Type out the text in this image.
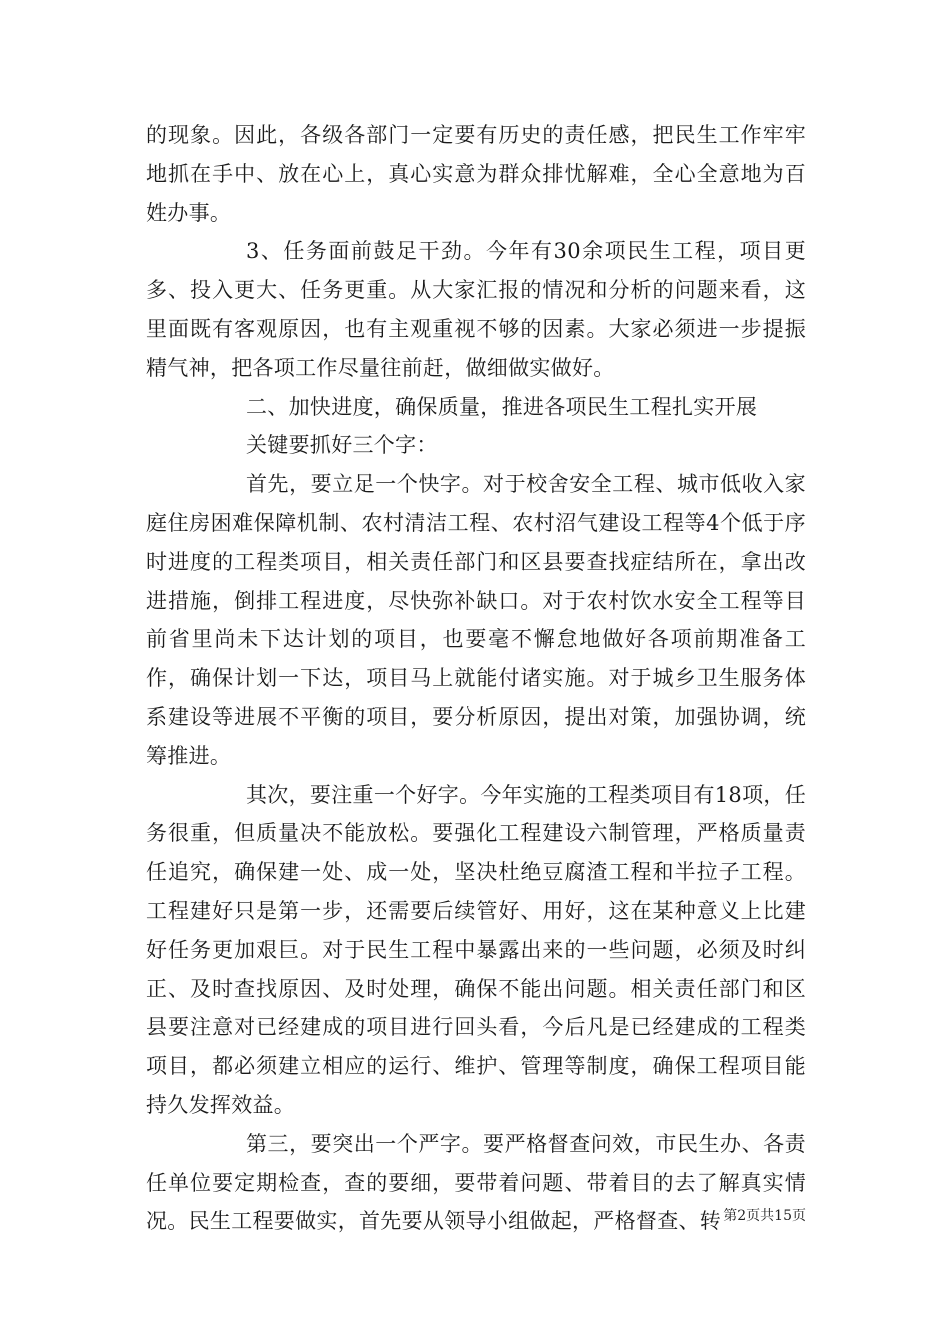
的现象。因此，各级各部门一定要有历史的责任感，把民生工作牢牢地抓在手中、放在心上，真心实意为群众排忧解难，全心全意地为百姓办事。

3、任务面前鼓足干劲。今年有30余项民生工程，项目更多、投入更大、任务更重。从大家汇报的情况和分析的问题来看，这里面既有客观原因，也有主观重视不够的因素。大家必须进一步提振精气神，把各项工作尽量往前赶，做细做实做好。

二、加快进度，确保质量，推进各项民生工程扎实开展

关键要抓好三个字：

首先，要立足一个快字。对于校舍安全工程、城市低收入家庭住房困难保障机制、农村清洁工程、农村沼气建设工程等4个低于序时进度的工程类项目，相关责任部门和区县要查找症结所在，拿出改进措施，倒排工程进度，尽快弥补缺口。对于农村饮水安全工程等目前省里尚未下达计划的项目，也要毫不懈怠地做好各项前期准备工作，确保计划一下达，项目马上就能付诸实施。对于城乡卫生服务体系建设等进展不平衡的项目，要分析原因，提出对策，加强协调，统筹推进。

其次，要注重一个好字。今年实施的工程类项目有18项，任务很重，但质量决不能放松。要强化工程建设六制管理，严格质量责任追究，确保建一处、成一处，坚决杜绝豆腐渣工程和半拉子工程。工程建好只是第一步，还需要后续管好、用好，这在某种意义上比建好任务更加艰巨。对于民生工程中暴露出来的一些问题，必须及时纠正、及时查找原因、及时处理，确保不能出问题。相关责任部门和区县要注意对已经建成的项目进行回头看，今后凡是已经建成的工程类项目，都必须建立相应的运行、维护、管理等制度，确保工程项目能持久发挥效益。

第三，要突出一个严字。要严格督查问效，市民生办、各责任单位要定期检查，查的要细，要带着问题、带着目的去了解真实情况。民生工程要做实，首先要从领导小组做起，严格督查、转 第2页共15页
